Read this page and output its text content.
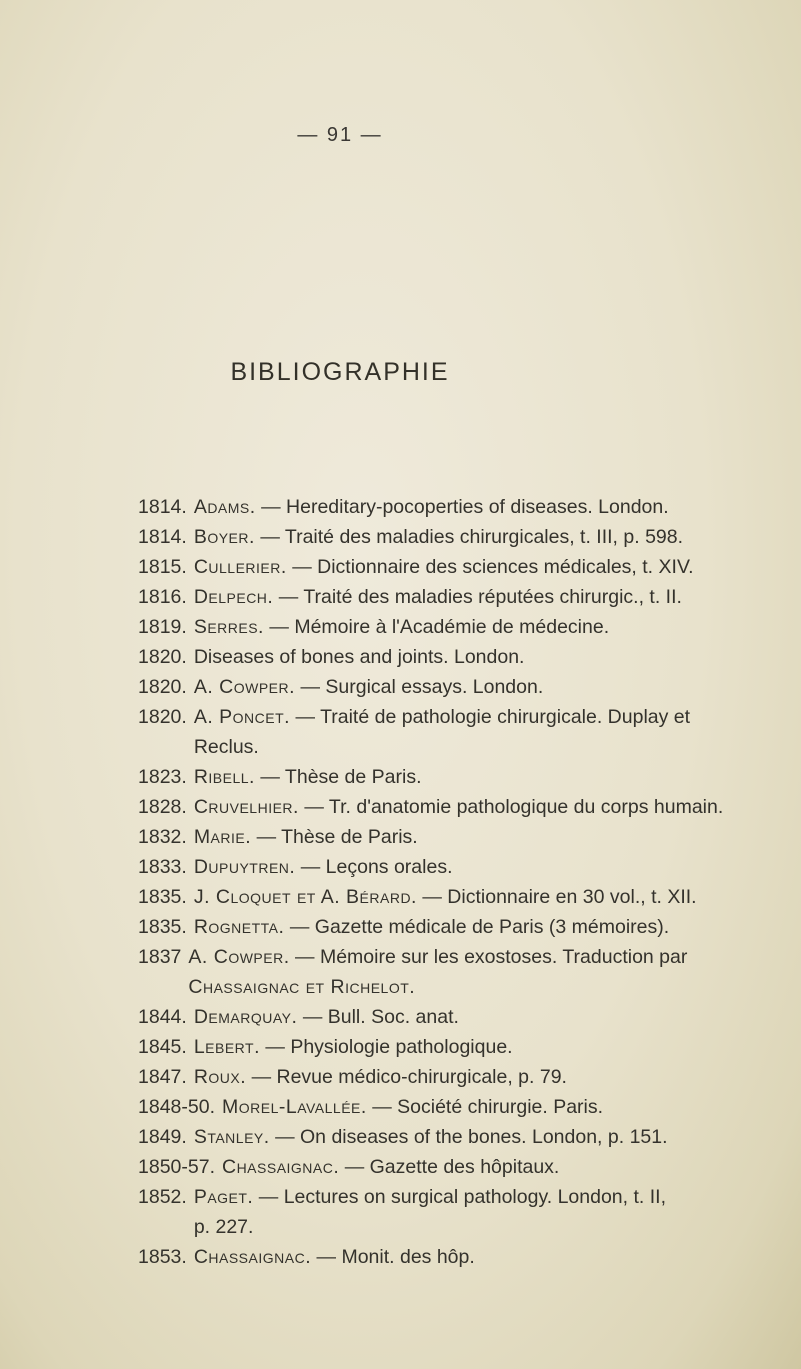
— 91 —
BIBLIOGRAPHIE
1814. Adams. — Hereditary-pocoperties of diseases. London.
1814. Boyer. — Traité des maladies chirurgicales, t. III, p. 598.
1815. Cullerier. — Dictionnaire des sciences médicales, t. XIV.
1816. Delpech. — Traité des maladies réputées chirurgic., t. II.
1819. Serres. — Mémoire à l'Académie de médecine.
1820. Diseases of bones and joints. London.
1820. A. Cowper. — Surgical essays. London.
1820. A. Poncet. — Traité de pathologie chirurgicale. Duplay et
Reclus.
1823. Ribell. — Thèse de Paris.
1828. Cruvelhier. — Tr. d'anatomie pathologique du corps humain.
1832. Marie. — Thèse de Paris.
1833. Dupuytren. — Leçons orales.
1835. J. Cloquet et A. Bérard. — Dictionnaire en 30 vol., t. XII.
1835. Rognetta. — Gazette médicale de Paris (3 mémoires).
1837 A. Cowper. — Mémoire sur les exostoses. Traduction par
Chassaignac et Richelot.
1844. Demarquay. — Bull. Soc. anat.
1845. Lebert. — Physiologie pathologique.
1847. Roux. — Revue médico-chirurgicale, p. 79.
1848-50. Morel-Lavallée. — Société chirurgie. Paris.
1849. Stanley. — On diseases of the bones. London, p. 151.
1850-57. Chassaignac. — Gazette des hôpitaux.
1852. Paget. — Lectures on surgical pathology. London, t. II,
p. 227.
1853. Chassaignac. — Monit. des hôp.
